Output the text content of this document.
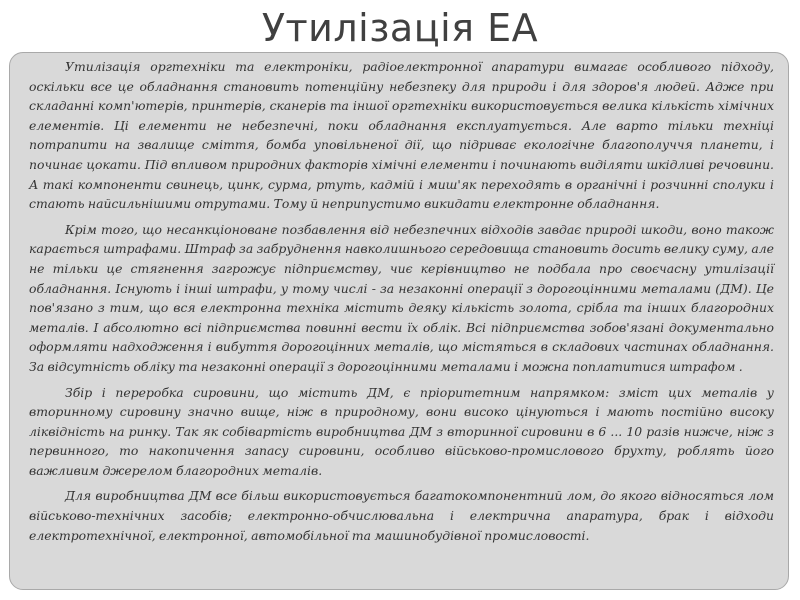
Утилізація ЕА

Утилізація оргтехніки та електроніки, радіоелектронної апаратури вимагає особливого підходу, оскільки все це обладнання становить потенційну небезпеку для природи і для здоров'я людей. Адже при складанні комп'ютерів, принтерів, сканерів та іншої оргтехніки використовується велика кількість хімічних елементів. Ці елементи не небезпечні, поки обладнання експлуатується. Але варто тільки техніці потрапити на звалище сміття, бомба уповільненої дії, що підриває екологічне благополуччя планети, і починає цокати. Під впливом природних факторів хімічні елементи і починають виділяти шкідливі речовини. А такі компоненти свинець, цинк, сурма, ртуть, кадмій і миш'як переходять в органічні і розчинні сполуки і стають найсильнішими отрутами. Тому й неприпустимо викидати електронне обладнання.

Крім того, що несанкціоноване позбавлення від небезпечних відходів завдає природі шкоди, воно також карається штрафами. Штраф за забруднення навколишнього середовища становить досить велику суму, але не тільки це стягнення загрожує підприємству, чиє керівництво не подбала про своєчасну утилізації обладнання. Існують і інші штрафи, у тому числі - за незаконні операції з дорогоцінними металами (ДМ). Це пов'язано з тим, що вся електронна техніка містить деяку кількість золота, срібла та інших благородних металів. І абсолютно всі підприємства повинні вести їх облік. Всі підприємства зобов'язані документально оформляти надходження і вибуття дорогоцінних металів, що містяться в складових частинах обладнання. За відсутність обліку та незаконні операції з дорогоцінними металами і можна поплатитися штрафом .

Збір і переробка сировини, що містить ДМ, є пріоритетним напрямком: зміст цих металів у вторинному сировину значно вище, ніж в природному, вони високо цінуються і мають постійно високу ліквідність на ринку. Так як собівартість виробництва ДМ з вторинної сировини в 6 ... 10 разів нижче, ніж з первинного, то накопичення запасу сировини, особливо військово-промислового брухту, роблять його важливим джерелом благородних металів.

Для виробництва ДМ все більш використовується багатокомпонентний лом, до якого відносяться лом військово-технічних засобів; електронно-обчислювальна і електрична апаратура, брак і відходи електротехнічної, електронної, автомобільної та машинобудівної промисловості.
